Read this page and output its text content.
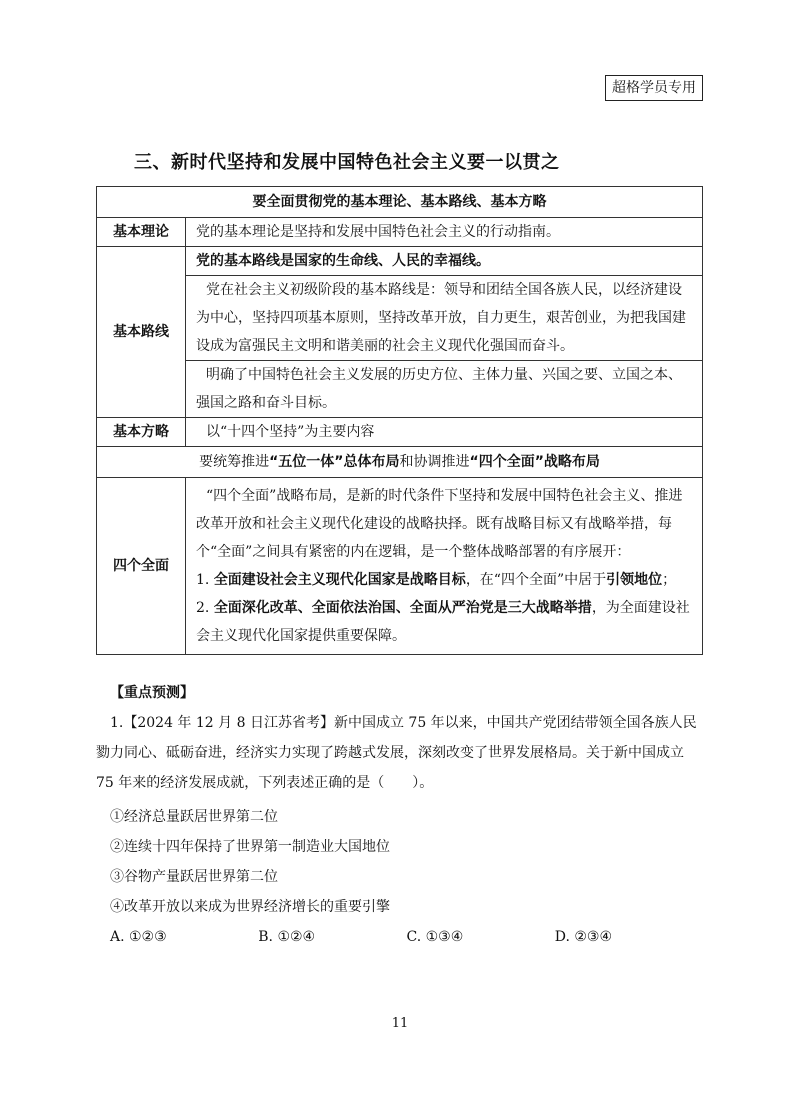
超格学员专用
三、新时代坚持和发展中国特色社会主义要一以贯之
要全面贯彻党的基本理论、基本路线、基本方略	
基本理论	党的基本理论是坚持和发展中国特色社会主义的行动指南。
基本路线	党的基本路线是国家的生命线、人民的幸福线。
	党在社会主义初级阶段的基本路线是：领导和团结全国各族人民，以经济建设为中心，坚持四项基本原则，坚持改革开放，自力更生，艰苦创业，为把我国建设成为富强民主文明和谐美丽的社会主义现代化强国而奋斗。
	明确了中国特色社会主义发展的历史方位、主体力量、兴国之要、立国之本、强国之路和奋斗目标。
基本方略	以“十四个坚持”为主要内容
要统筹推进“五位一体”总体布局和协调推进“四个全面”战略布局	
四个全面	“四个全面”战略布局，是新的时代条件下坚持和发展中国特色社会主义、推进改革开放和社会主义现代化建设的战略抉择。既有战略目标又有战略举措，每个“全面”之间具有紧密的内在逻辑，是一个整体战略部署的有序展开：
1. 全面建设社会主义现代化国家是战略目标，在“四个全面”中居于引领地位；
2. 全面深化改革、全面依法治国、全面从严治党是三大战略举措，为全面建设社会主义现代化国家提供重要保障。
【重点预测】
1.【2024 年 12 月 8 日江苏省考】新中国成立 75 年以来，中国共产党团结带领全国各族人民勠力同心、砥砺奋进，经济实力实现了跨越式发展，深刻改变了世界发展格局。关于新中国成立 75 年来的经济发展成就，下列表述正确的是（　　）。
①经济总量跃居世界第二位
②连续十四年保持了世界第一制造业大国地位
③谷物产量跃居世界第二位
④改革开放以来成为世界经济增长的重要引擎
A. ①②③	B. ①②④	C. ①③④	D. ②③④
11
